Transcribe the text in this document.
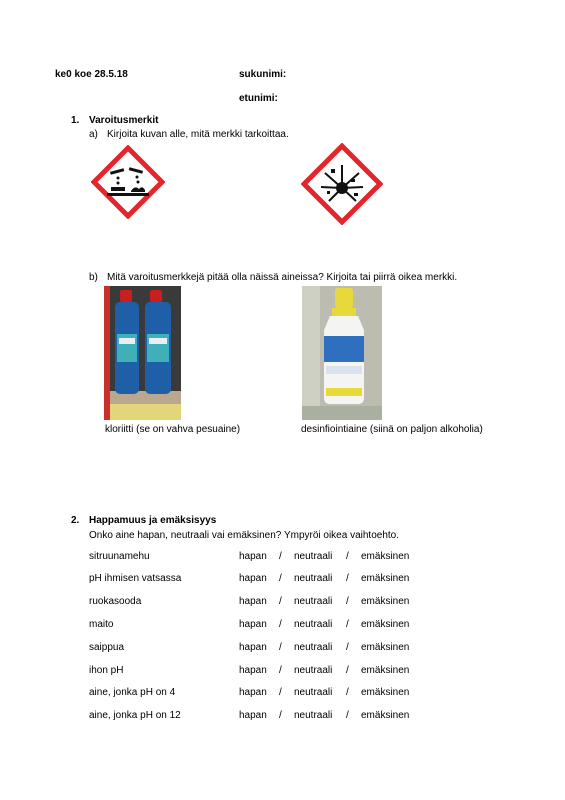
ke0 koe 28.5.18	sukunimi:
etunimi:
1. Varoitusmerkit
a) Kirjoita kuvan alle, mitä merkki tarkoittaa.
b) Mitä varoitusmerkkejä pitää olla näissä aineissa? Kirjoita tai piirrä oikea merkki.
kloriitti (se on vahva pesuaine)	desinfiointiaine (siinä on paljon alkoholia)
2. Happamuus ja emäksisyys
Onko aine hapan, neutraali vai emäksinen? Ympyröi oikea vaihtoehto.
sitruunamehu	hapan / neutraali / emäksinen
pH ihmisen vatsassa	hapan / neutraali / emäksinen
ruokasooda	hapan / neutraali / emäksinen
maito	hapan / neutraali / emäksinen
saippua	hapan / neutraali / emäksinen
ihon pH	hapan / neutraali / emäksinen
aine, jonka pH on 4	hapan / neutraali / emäksinen
aine, jonka pH on 12	hapan / neutraali / emäksinen
